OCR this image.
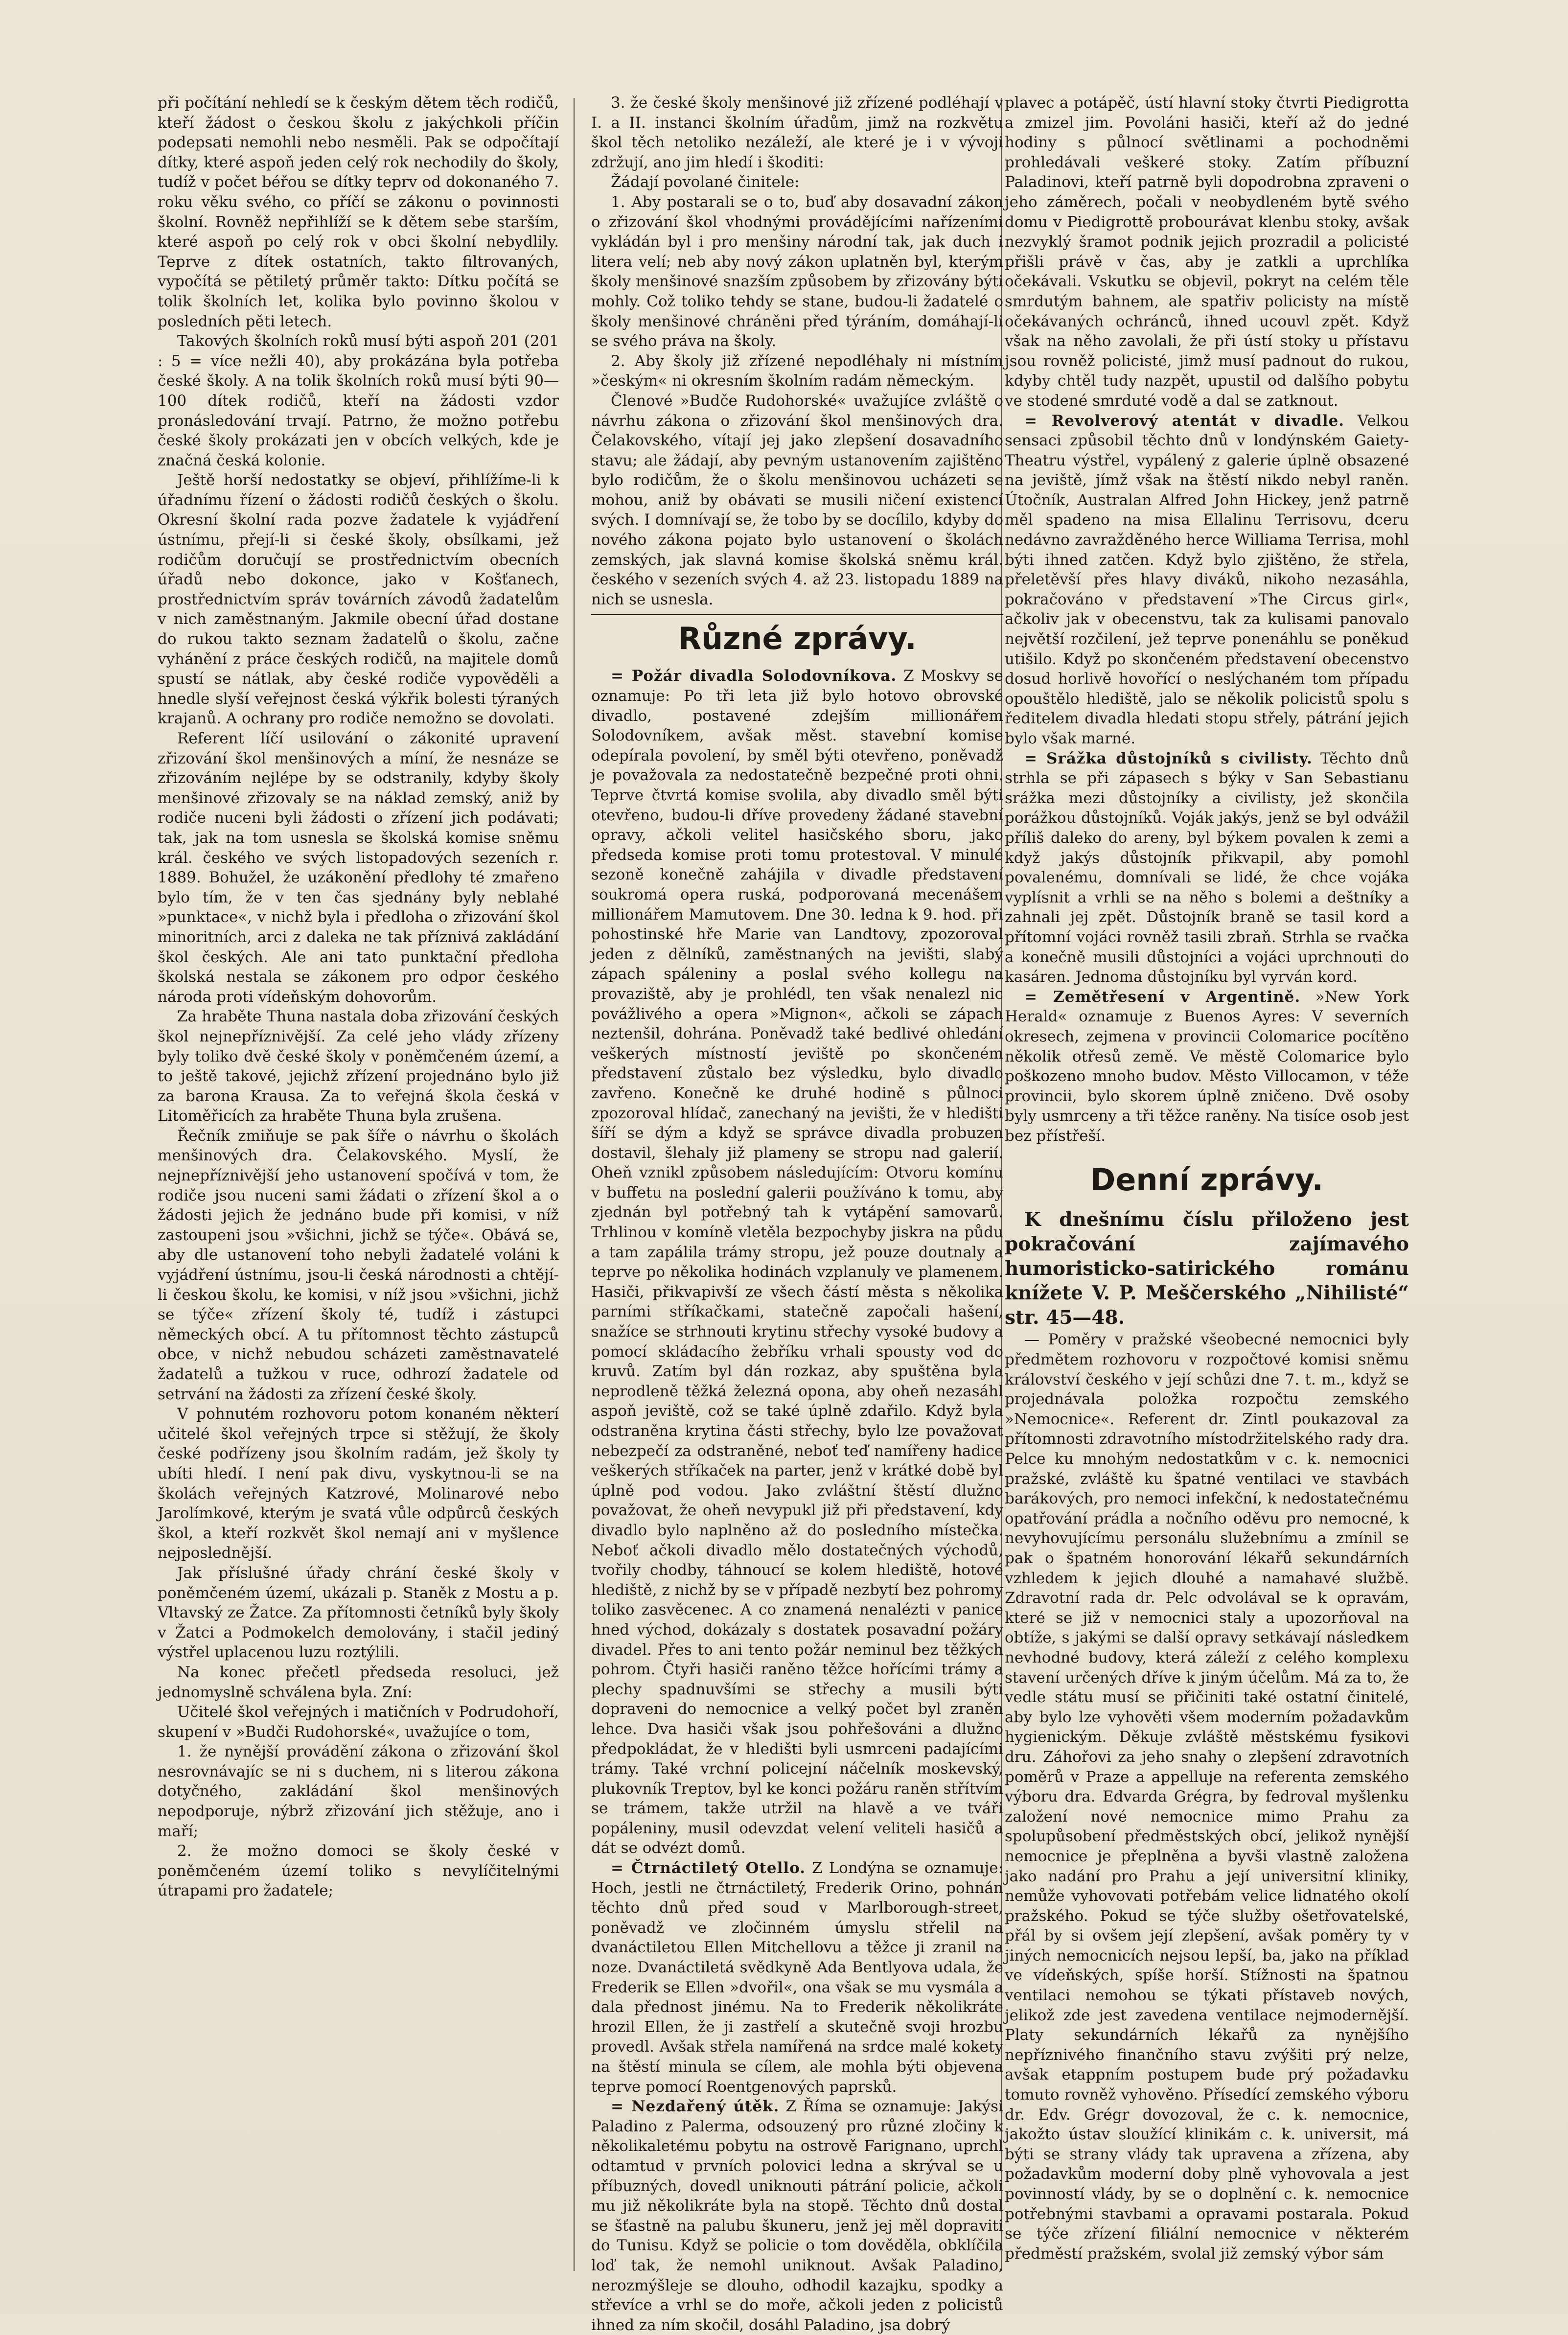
při počítání nehledí se k českým dětem těch rodičů, kteří žádost o českou školu z jakýchkoli příčin podepsati nemohli nebo nesměli. Pak se odpočítají dítky, které aspoň jeden celý rok nechodily do školy, tudíž v počet béřou se dítky teprv od dokonaného 7. roku věku svého, co příčí se zákonu o povinnosti školní. Rovněž nepřihlíží se k dětem sebe starším, které aspoň po celý rok v obci školní nebydlily. Teprve z dítek ostatních, takto filtrovaných, vypočítá se pětiletý průměr takto: Dítku počítá se tolik školních let, kolika bylo povinno školou v posledních pěti letech.

Takových školních roků musí býti aspoň 201 (201 : 5 = více nežli 40), aby prokázána byla potřeba české školy. A na tolik školních roků musí býti 90—100 dítek rodičů, kteří na žádosti vzdor pronásledování trvají. Patrno, že možno potřebu české školy prokázati jen v obcích velkých, kde je značná česká kolonie.

Ještě horší nedostatky se objeví, přihlížíme-li k úřadnímu řízení o žádosti rodičů českých o školu. Okresní školní rada pozve žadatele k vyjádření ústnímu, přejí-li si české školy, obsílkami, jež rodičům doručují se prostřednictvím obecních úřadů nebo dokonce, jako v Košťanech, prostřednictvím správ továrních závodů žadatelům v nich zaměstnaným. Jakmile obecní úřad dostane do rukou takto seznam žadatelů o školu, začne vyhánění z práce českých rodičů, na majitele domů spustí se nátlak, aby české rodiče vypověděli a hnedle slyší veřejnost česká výkřik bolesti týraných krajanů. A ochrany pro rodiče nemožno se dovolati.

Referent líčí usilování o zákonité upravení zřizování škol menšinových a míní, že nesnáze se zřizováním nejlépe by se odstranily, kdyby školy menšinové zřizovaly se na náklad zemský, aniž by rodiče nuceni byli žádosti o zřízení jich podávati; tak, jak na tom usnesla se školská komise sněmu král. českého ve svých listopadových sezeních r. 1889. Bohužel, že uzákonění předlohy té zmařeno bylo tím, že v ten čas sjednány byly neblahé »punktace«, v nichž byla i předloha o zřizování škol minoritních, arci z daleka ne tak příznivá zakládání škol českých. Ale ani tato punktační předloha školská nestala se zákonem pro odpor českého národa proti vídeňským dohovorům.

Za hraběte Thuna nastala doba zřizování českých škol nejnepříznivější. Za celé jeho vlády zřízeny byly toliko dvě české školy v poněmčeném území, a to ještě takové, jejichž zřízení projednáno bylo již za barona Krausa. Za to veřejná škola česká v Litoměřicích za hraběte Thuna byla zrušena.

Řečník zmiňuje se pak šíře o návrhu o školách menšinových dra. Čelakovského. Myslí, že nejnepříznivější jeho ustanovení spočívá v tom, že rodiče jsou nuceni sami žádati o zřízení škol a o žádosti jejich že jednáno bude při komisi, v níž zastoupeni jsou »všichni, jichž se týče«. Obává se, aby dle ustanovení toho nebyli žadatelé voláni k vyjádření ústnímu, jsou-li česká národnosti a chtějí-li českou školu, ke komisi, v níž jsou »všichni, jichž se týče« zřízení školy té, tudíž i zástupci německých obcí. A tu přítomnost těchto zástupců obce, v nichž nebudou scházeti zaměstnavatelé žadatelů a tužkou v ruce, odhrozí žadatele od setrvání na žádosti za zřízení české školy.

V pohnutém rozhovoru potom konaném některí učitelé škol veřejných trpce si stěžují, že školy české podřízeny jsou školním radám, jež školy ty ubíti hledí. I není pak divu, vyskytnou-li se na školách veřejných Katzrové, Molinarové nebo Jarolímkové, kterým je svatá vůle odpůrců českých škol, a kteří rozkvět škol nemají ani v myšlence nejposlednější.

Jak příslušné úřady chrání české školy v poněmčeném území, ukázali p. Staněk z Mostu a p. Vltavský ze Žatce. Za přítomnosti četníků byly školy v Žatci a Podmokelch demolovány, i stačil jediný výstřel uplacenou luzu roztýlili.

Na konec přečetl předseda resoluci, jež jednomyslně schválena byla. Zní:

Učitelé škol veřejných i matičních v Podrudohoří, skupení v »Budči Rudohorské«, uvažujíce o tom,

1. že nynější provádění zákona o zřizování škol nesrovnávajíc se ni s duchem, ni s literou zákona dotyčného, zakládání škol menšinových nepodporuje, nýbrž zřizování jich stěžuje, ano i maří;

2. že možno domoci se školy české v poněmčeném území toliko s nevylíčitelnými útrapami pro žadatele;

3. že české školy menšinové již zřízené podléhají v I. a II. instanci školním úřadům, jimž na rozkvětu škol těch netoliko nezáleží, ale které je i v vývoji zdržují, ano jim hledí i škoditi:

Žádají povolané činitele:

1. Aby postarali se o to, buď aby dosavadní zákon o zřizování škol vhodnými provádějícími nařízeními vykládán byl i pro menšiny národní tak, jak duch i litera velí; neb aby nový zákon uplatněn byl, kterým školy menšinové snazším způsobem by zřizovány býti mohly. Což toliko tehdy se stane, budou-li žadatelé o školy menšinové chráněni před týráním, domáhají-li se svého práva na školy.

2. Aby školy již zřízené nepodléhaly ni místním »českým« ni okresním školním radám německým.

Členové »Budče Rudohorské« uvažujíce zvláště o návrhu zákona o zřizování škol menšinových dra. Čelakovského, vítají jej jako zlepšení dosavadního stavu; ale žádají, aby pevným ustanovením zajištěno bylo rodičům, že o školu menšinovou ucházeti se mohou, aniž by obávati se musili ničení existencí svých. I domnívají se, že tobo by se docílilo, kdyby do nového zákona pojato bylo ustanovení o školách zemských, jak slavná komise školská sněmu král. českého v sezeních svých 4. až 23. listopadu 1889 na nich se usnesla.

Různé zprávy.

= Požár divadla Solodovníkova. Z Moskvy se oznamuje: Po tři leta již bylo hotovo obrovské divadlo, postavené zdejším millionářem Solodovníkem, avšak měst. stavební komise odepírala povolení, by směl býti otevřeno, poněvadž je považovala za nedostatečně bezpečné proti ohni. Teprve čtvrtá komise svolila, aby divadlo směl býti otevřeno, budou-li dříve provedeny žádané stavební opravy, ačkoli velitel hasičského sboru, jako předseda komise proti tomu protestoval. V minulé sezoně konečně zahájila v divadle představení soukromá opera ruská, podporovaná mecenášem millionářem Mamutovem. Dne 30. ledna k 9. hod. při pohostinské hře Marie van Landtovy, zpozoroval jeden z dělníků, zaměstnaných na jevišti, slabý zápach spáleniny a poslal svého kollegu na provaziště, aby je prohlédl, ten však nenalezl nic povážlivého a opera »Mignon«, ačkoli se zápach neztenšil, dohrána. Poněvadž také bedlivé ohledání veškerých místností jeviště po skončeném představení zůstalo bez výsledku, bylo divadlo zavřeno. Konečně ke druhé hodině s půlnoci zpozoroval hlídač, zanechaný na jevišti, že v hledišti šíří se dým a když se správce divadla probuzen dostavil, šlehaly již plameny se stropu nad galerií. Oheň vznikl způsobem následujícím: Otvoru komínu v buffetu na poslední galerii používáno k tomu, aby zjednán byl potřebný tah k vytápění samovarů. Trhlinou v komíně vletěla bezpochyby jiskra na půdu a tam zapálila trámy stropu, jež pouze doutnaly a teprve po několika hodinách vzplanuly ve plamenem. Hasiči, přikvapivší ze všech částí města s několika parními stříkačkami, statečně započali hašení, snažíce se strhnouti krytinu střechy vysoké budovy a pomocí skládacího žebříku vrhali spousty vod do kruvů. Zatím byl dán rozkaz, aby spuštěna byla neprodleně těžká železná opona, aby oheň nezasáhl aspoň jeviště, což se také úplně zdařilo. Když byla odstraněna krytina části střechy, bylo lze považovat nebezpečí za odstraněné, neboť teď namířeny hadice veškerých stříkaček na parter, jenž v krátké době byl úplně pod vodou. Jako zvláštní štěstí dlužno považovat, že oheň nevypukl již při představení, kdy divadlo bylo naplněno až do posledního místečka. Neboť ačkoli divadlo mělo dostatečných východů, tvořily chodby, táhnoucí se kolem hlediště, hotové hlediště, z nichž by se v případě nezbytí bez pohromy toliko zasvěcenec. A co znamená nenalézti v panice hned východ, dokázaly s dostatek posavadní požáry divadel. Přes to ani tento požár neminul bez těžkých pohrom. Čtyři hasiči raněno těžce hořícími trámy a plechy spadnuvšími se střechy a musili býti dopraveni do nemocnice a velký počet byl zraněn lehce. Dva hasiči však jsou pohřešováni a dlužno předpokládat, že v hledišti byli usmrceni padajícími trámy. Také vrchní policejní náčelník moskevský, plukovník Treptov, byl ke konci požáru raněn střítvím se trámem, takže utržil na hlavě a ve tváři popáleniny, musil odevzdat velení veliteli hasičů a dát se odvézt domů.

= Čtrnáctiletý Otello. Z Londýna se oznamuje: Hoch, jestli ne čtrnáctiletý, Frederik Orino, pohnán těchto dnů před soud v Marlborough-street, poněvadž ve zločinném úmyslu střelil na dvanáctiletou Ellen Mitchellovu a těžce ji zranil na noze. Dvanáctiletá svědkyně Ada Bentlyova udala, že Frederik se Ellen »dvořil«, ona však se mu vysmála a dala přednost jinému. Na to Frederik několikráte hrozil Ellen, že ji zastřelí a skutečně svoji hrozbu provedl. Avšak střela namířená na srdce malé kokety na štěstí minula se cílem, ale mohla býti objevena teprve pomocí Roentgenových paprsků.

= Nezdařený útěk. Z Říma se oznamuje: Jakýsi Paladino z Palerma, odsouzený pro různé zločiny k několikaletému pobytu na ostrově Farignano, uprchl odtamtud v prvních polovici ledna a skrýval se u příbuzných, dovedl uniknouti pátrání policie, ačkoli mu již několikráte byla na stopě. Těchto dnů dostal se šťastně na palubu škuneru, jenž jej měl dopraviti do Tunisu. Když se policie o tom dověděla, obklíčila loď tak, že nemohl uniknout. Avšak Paladino, nerozmýšleje se dlouho, odhodil kazajku, spodky a střevíce a vrhl se do moře, ačkoli jeden z policistů ihned za ním skočil, dosáhl Paladino, jsa dobrý

plavec a potápěč, ústí hlavní stoky čtvrti Piedigrotta a zmizel jim. Povoláni hasiči, kteří až do jedné hodiny s půlnocí světlinami a pochodněmi prohledávali veškeré stoky. Zatím příbuzní Paladinovi, kteří patrně byli dopodrobna zpraveni o jeho záměrech, počali v neobydleném bytě svého domu v Piedigrottě probourávat klenbu stoky, avšak nezvyklý šramot podnik jejich prozradil a policisté přišli právě v čas, aby je zatkli a uprchlíka očekávali. Vskutku se objevil, pokryt na celém těle smrdutým bahnem, ale spatřiv policisty na místě očekávaných ochránců, ihned ucouvl zpět. Když však na něho zavolali, že při ústí stoky u přístavu jsou rovněž policisté, jimž musí padnout do rukou, kdyby chtěl tudy nazpět, upustil od dalšího pobytu ve stodené smrduté vodě a dal se zatknout.

= Revolverový atentát v divadle. Velkou sensaci způsobil těchto dnů v londýnském Gaiety-Theatru výstřel, vypálený z galerie úplně obsazené na jeviště, jímž však na štěstí nikdo nebyl raněn. Útočník, Australan Alfred John Hickey, jenž patrně měl spadeno na misa Ellalinu Terrisovu, dceru nedávno zavražděného herce Williama Terrisa, mohl býti ihned zatčen. Když bylo zjištěno, že střela, přeletěvší přes hlavy diváků, nikoho nezasáhla, pokračováno v představení »The Circus girl«, ačkoliv jak v obecenstvu, tak za kulisami panovalo největší rozčilení, jež teprve ponenáhlu se poněkud utišilo. Když po skončeném představení obecenstvo dosud horlivě hovořící o neslýchaném tom případu opouštělo hlediště, jalo se několik policistů spolu s ředitelem divadla hledati stopu střely, pátrání jejich bylo však marné.

= Srážka důstojníků s civilisty. Těchto dnů strhla se při zápasech s býky v San Sebastianu srážka mezi důstojníky a civilisty, jež skončila porážkou důstojníků. Voják jakýs, jenž se byl odvážil příliš daleko do areny, byl býkem povalen k zemi a když jakýs důstojník přikvapil, aby pomohl povalenému, domnívali se lidé, že chce vojáka vyplísnit a vrhli se na něho s bolemi a deštníky a zahnali jej zpět. Důstojník braně se tasil kord a přítomní vojáci rovněž tasili zbraň. Strhla se rvačka a konečně musili důstojníci a vojáci uprchnouti do kasáren. Jednoma důstojníku byl vyrván kord.

= Zemětřesení v Argentině. »New York Herald« oznamuje z Buenos Ayres: V severních okresech, zejmena v provincii Colomarice pocítěno několik otřesů země. Ve městě Colomarice bylo poškozeno mnoho budov. Město Villocamon, v téže provincii, bylo skorem úplně zničeno. Dvě osoby byly usmrceny a tři těžce raněny. Na tisíce osob jest bez přístřeší.

Denní zprávy.

K dnešnímu číslu přiloženo jest pokračování zajímavého humoristicko-satirického románu knížete V. P. Meščerského „Nihilisté“ str. 45—48.

— Poměry v pražské všeobecné nemocnici byly předmětem rozhovoru v rozpočtové komisi sněmu království českého v její schůzi dne 7. t. m., když se projednávala položka rozpočtu zemského »Nemocnice«. Referent dr. Zintl poukazoval za přítomnosti zdravotního místodržitelského rady dra. Pelce ku mnohým nedostatkům v c. k. nemocnici pražské, zvláště ku špatné ventilaci ve stavbách barákových, pro nemoci infekční, k nedostatečnému opatřování prádla a nočního oděvu pro nemocné, k nevyhovujícímu personálu služebnímu a zmínil se pak o špatném honorování lékařů sekundárních vzhledem k jejich dlouhé a namahavé službě. Zdravotní rada dr. Pelc odvolával se k opravám, které se již v nemocnici staly a upozorňoval na obtíže, s jakými se další opravy setkávají následkem nevhodné budovy, která záleží z celého komplexu stavení určených dříve k jiným účelům. Má za to, že vedle státu musí se přičiniti také ostatní činitelé, aby bylo lze vyhověti všem moderním požadavkům hygienickým. Děkuje zvláště městskému fysikovi dru. Záhořovi za jeho snahy o zlepšení zdravotních poměrů v Praze a appelluje na referenta zemského výboru dra. Edvarda Grégra, by fedroval myšlenku založení nové nemocnice mimo Prahu za spolupůsobení předměstských obcí, jelikož nynější nemocnice je přeplněna a byvši vlastně založena jako nadání pro Prahu a její universitní kliniky, nemůže vyhovovati potřebám velice lidnatého okolí pražského. Pokud se týče služby ošetřovatelské, přál by si ovšem její zlepšení, avšak poměry ty v jiných nemocnicích nejsou lepší, ba, jako na příklad ve vídeňských, spíše horší. Stížnosti na špatnou ventilaci nemohou se týkati přístaveb nových, jelikož zde jest zavedena ventilace nejmodernější. Platy sekundárních lékařů za nynějšího nepříznivého finančního stavu zvýšiti prý nelze, avšak etappním postupem bude prý požadavku tomuto rovněž vyhověno. Přísedící zemského výboru dr. Edv. Grégr dovozoval, že c. k. nemocnice, jakožto ústav sloužící klinikám c. k. universit, má býti se strany vlády tak upravena a zřízena, aby požadavkům moderní doby plně vyhovovala a jest povinností vlády, by se o doplnění c. k. nemocnice potřebnými stavbami a opravami postarala. Pokud se týče zřízení filiální nemocnice v některém předměstí pražském, svolal již zemský výbor sám
